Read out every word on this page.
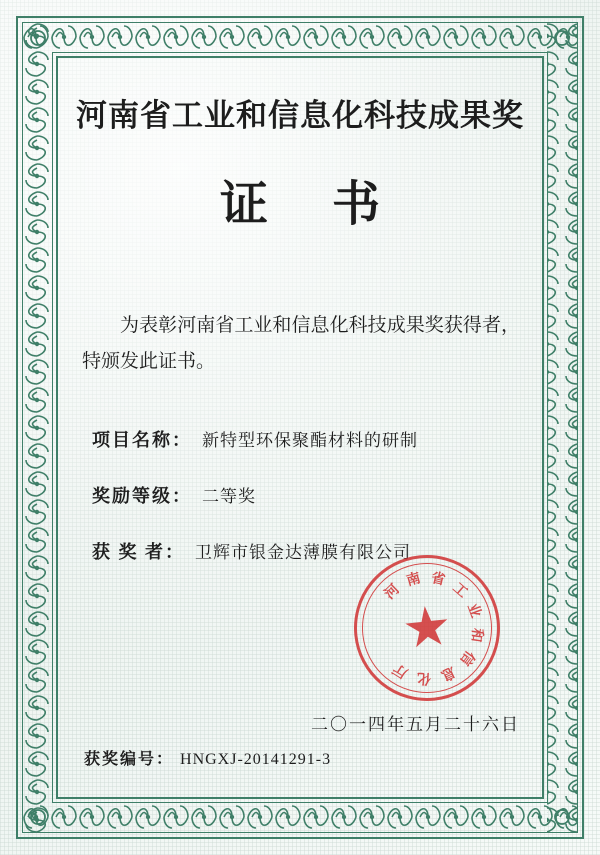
河南省工业和信息化科技成果奖
证 书
为表彰河南省工业和信息化科技成果奖获得者，特颁发此证书。
项目名称： 新特型环保聚酯材料的研制
奖励等级： 二等奖
获 奖 者： 卫辉市银金达薄膜有限公司
河
南 省
工
业
和
信
息
化
厅
二〇一四年五月二十六日
获奖编号： HNGXJ-20141291-3
